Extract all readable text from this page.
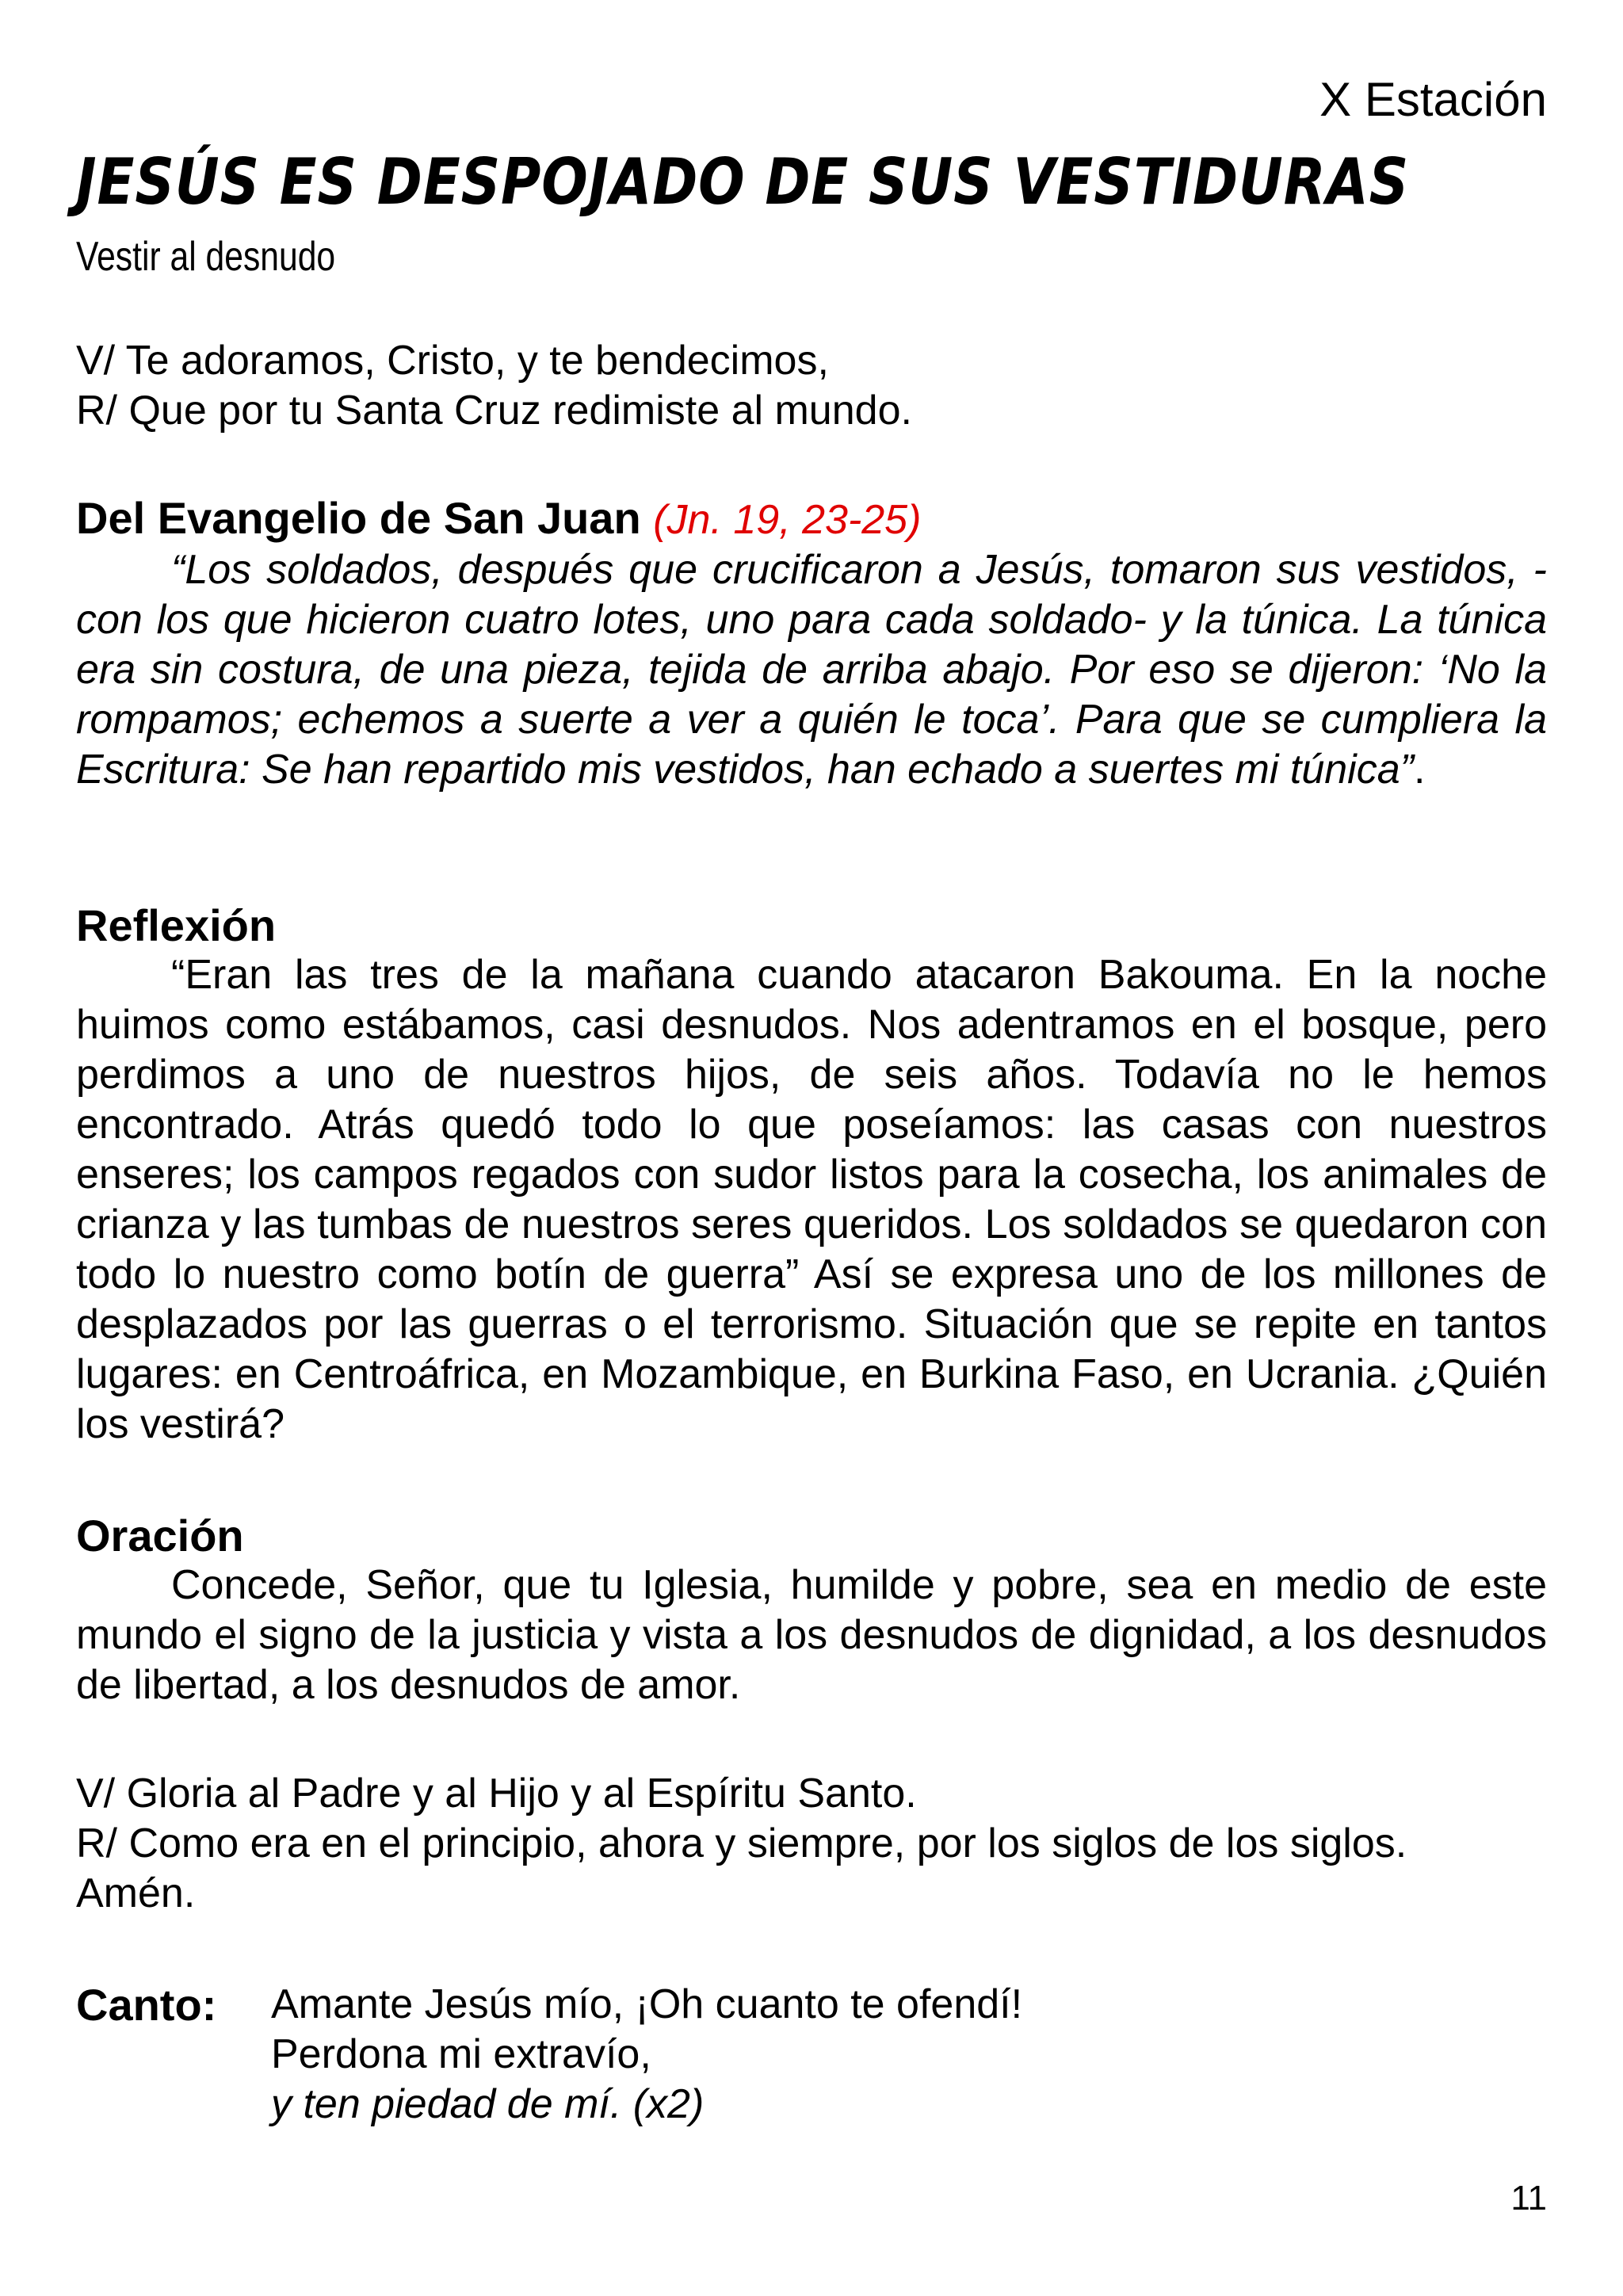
X Estación
JESÚS ES DESPOJADO DE SUS VESTIDURAS
Vestir al desnudo

V/ Te adoramos, Cristo, y te bendecimos,

R/ Que por tu Santa Cruz redimiste al mundo.

Del Evangelio de San Juan (Jn. 19, 23-25)

“Los soldados, después que crucificaron a Jesús, tomaron sus vestidos, -con los que hicieron cuatro lotes, uno para cada soldado- y la túnica. La túnica era sin costura, de una pieza, tejida de arriba abajo. Por eso se dijeron: ‘No la rompamos; echemos a suerte a ver a quién le toca’. Para que se cumpliera la Escritura: Se han repartido mis vestidos, han echado a suertes mi túnica”.

Reflexión

“Eran las tres de la mañana cuando atacaron Bakouma. En la noche huimos como estábamos, casi desnudos. Nos adentramos en el bosque, pero perdimos a uno de nuestros hijos, de seis años. Todavía no le hemos encontrado. Atrás quedó todo lo que poseíamos: las casas con nuestros enseres; los campos regados con sudor listos para la cosecha, los animales de crianza y las tumbas de nuestros seres queridos. Los soldados se quedaron con todo lo nuestro como botín de guerra” Así se expresa uno de los millones de desplazados por las guerras o el terrorismo. Situación que se repite en tantos lugares: en Centroáfrica, en Mozambique, en Burkina Faso, en Ucrania. ¿Quién los vestirá?

Oración

Concede, Señor, que tu Iglesia, humilde y pobre, sea en medio de este mundo el signo de la justicia y vista a los desnudos de dignidad, a los desnudos de libertad, a los desnudos de amor.

V/ Gloria al Padre y al Hijo y al Espíritu Santo.

R/ Como era en el principio, ahora y siempre, por los siglos de los siglos.

Amén.

Canto: Amante Jesús mío, ¡Oh cuanto te ofendí!
Perdona mi extravío,
y ten piedad de mí. (x2)
11
